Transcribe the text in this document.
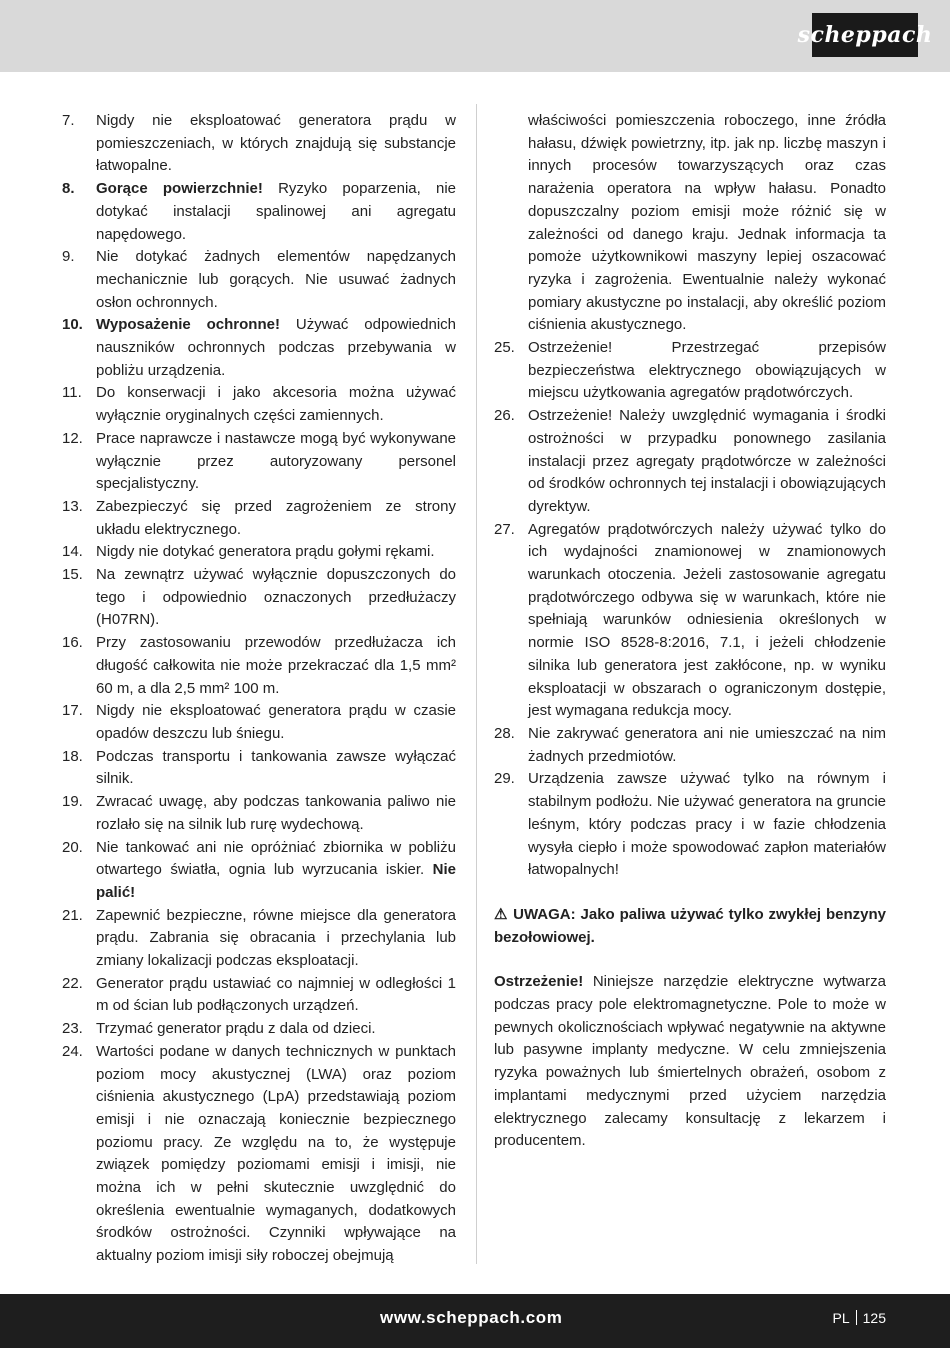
scheppach
7.	Nigdy nie eksploatować generatora prądu w pomieszczeniach, w których znajdują się substancje łatwopalne.
8.	Gorące powierzchnie! Ryzyko poparzenia, nie dotykać instalacji spalinowej ani agregatu napędowego.
9.	Nie dotykać żadnych elementów napędzanych mechanicznie lub gorących. Nie usuwać żadnych osłon ochronnych.
10. Wyposażenie ochronne! Używać odpowiednich nauszników ochronnych podczas przebywania w pobliżu urządzenia.
11. Do konserwacji i jako akcesoria można używać wyłącznie oryginalnych części zamiennych.
12. Prace naprawcze i nastawcze mogą być wykonywane wyłącznie przez autoryzowany personel specjalistyczny.
13. Zabezpieczyć się przed zagrożeniem ze strony układu elektrycznego.
14. Nigdy nie dotykać generatora prądu gołymi rękami.
15. Na zewnątrz używać wyłącznie dopuszczonych do tego i odpowiednio oznaczonych przedłużaczy (H07RN).
16. Przy zastosowaniu przewodów przedłużacza ich długość całkowita nie może przekraczać dla 1,5 mm² 60 m, a dla 2,5 mm² 100 m.
17. Nigdy nie eksploatować generatora prądu w czasie opadów deszczu lub śniegu.
18. Podczas transportu i tankowania zawsze wyłączać silnik.
19. Zwracać uwagę, aby podczas tankowania paliwo nie rozlało się na silnik lub rurę wydechową.
20. Nie tankować ani nie opróżniać zbiornika w pobliżu otwartego światła, ognia lub wyrzucania iskier. Nie palić!
21. Zapewnić bezpieczne, równe miejsce dla generatora prądu. Zabrania się obracania i przechylania lub zmiany lokalizacji podczas eksploatacji.
22. Generator prądu ustawiać co najmniej w odległości 1 m od ścian lub podłączonych urządzeń.
23. Trzymać generator prądu z dala od dzieci.
24. Wartości podane w danych technicznych w punktach poziom mocy akustycznej (LWA) oraz poziom ciśnienia akustycznego (LpA) przedstawiają poziom emisji i nie oznaczają koniecznie bezpiecznego poziomu pracy. Ze względu na to, że występuje związek pomiędzy poziomami emisji i imisji, nie można ich w pełni skutecznie uwzględnić do określenia ewentualnie wymaganych, dodatkowych środków ostrożności. Czynniki wpływające na aktualny poziom imisji siły roboczej obejmują
właściwości pomieszczenia roboczego, inne źródła hałasu, dźwięk powietrzny, itp. jak np. liczbę maszyn i innych procesów towarzyszących oraz czas narażenia operatora na wpływ hałasu. Ponadto dopuszczalny poziom emisji może różnić się w zależności od danego kraju. Jednak informacja ta pomoże użytkownikowi maszyny lepiej oszacować ryzyka i zagrożenia. Ewentualnie należy wykonać pomiary akustyczne po instalacji, aby określić poziom ciśnienia akustycznego.
25. Ostrzeżenie! Przestrzegać przepisów bezpieczeństwa elektrycznego obowiązujących w miejscu użytkowania agregatów prądotwórczych.
26. Ostrzeżenie! Należy uwzględnić wymagania i środki ostrożności w przypadku ponownego zasilania instalacji przez agregaty prądotwórcze w zależności od środków ochronnych tej instalacji i obowiązujących dyrektyw.
27. Agregatów prądotwórczych należy używać tylko do ich wydajności znamionowej w znamionowych warunkach otoczenia. Jeżeli zastosowanie agregatu prądotwórczego odbywa się w warunkach, które nie spełniają warunków odniesienia określonych w normie ISO 8528-8:2016, 7.1, i jeżeli chłodzenie silnika lub generatora jest zakłócone, np. w wyniku eksploatacji w obszarach o ograniczonym dostępie, jest wymagana redukcja mocy.
28. Nie zakrywać generatora ani nie umieszczać na nim żadnych przedmiotów.
29. Urządzenia zawsze używać tylko na równym i stabilnym podłożu. Nie używać generatora na gruncie leśnym, który podczas pracy i w fazie chłodzenia wysyła ciepło i może spowodować zapłon materiałów łatwopalnych!
⚠ UWAGA: Jako paliwa używać tylko zwykłej benzyny bezołowiowej.
Ostrzeżenie! Niniejsze narzędzie elektryczne wytwarza podczas pracy pole elektromagnetyczne. Pole to może w pewnych okolicznościach wpływać negatywnie na aktywne lub pasywne implanty medyczne. W celu zmniejszenia ryzyka poważnych lub śmiertelnych obrażeń, osobom z implantami medycznymi przed użyciem narzędzia elektrycznego zalecamy konsultację z lekarzem i producentem.
www.scheppach.com	PL 125
